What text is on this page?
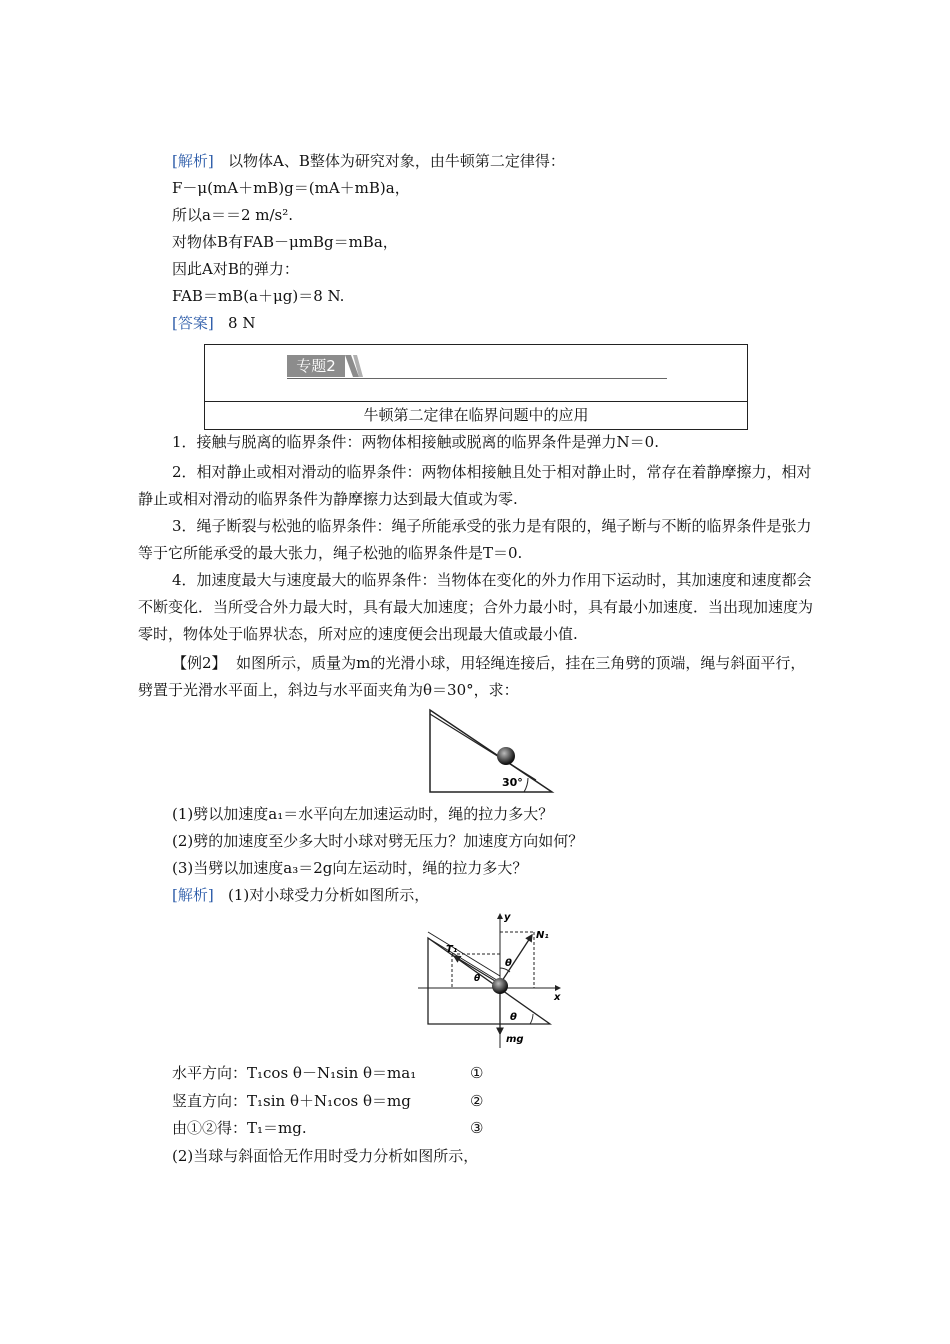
[解析] 以物体A、B整体为研究对象，由牛顿第二定律得：
F－μ(mA＋mB)g＝(mA＋mB)a，
所以a＝＝2 m/s².
对物体B有FAB－μmBg＝mBa，
因此A对B的弹力：
FAB＝mB(a＋μg)＝8 N.
[答案] 8 N
专题2
牛顿第二定律在临界问题中的应用
1．接触与脱离的临界条件：两物体相接触或脱离的临界条件是弹力N＝0.
2．相对静止或相对滑动的临界条件：两物体相接触且处于相对静止时，常存在着静摩擦力，相对静止或相对滑动的临界条件为静摩擦力达到最大值或为零.
3．绳子断裂与松弛的临界条件：绳子所能承受的张力是有限的，绳子断与不断的临界条件是张力等于它所能承受的最大张力，绳子松弛的临界条件是T＝0.
4．加速度最大与速度最大的临界条件：当物体在变化的外力作用下运动时，其加速度和速度都会不断变化．当所受合外力最大时，具有最大加速度；合外力最小时，具有最小加速度．当出现加速度为零时，物体处于临界状态，所对应的速度便会出现最大值或最小值.
【例2】 如图所示，质量为m的光滑小球，用轻绳连接后，挂在三角劈的顶端，绳与斜面平行，劈置于光滑水平面上，斜边与水平面夹角为θ＝30°，求：
30°
(1)劈以加速度a₁＝水平向左加速运动时，绳的拉力多大？
(2)劈的加速度至少多大时小球对劈无压力？加速度方向如何？
(3)当劈以加速度a₃＝2g向左运动时，绳的拉力多大？
[解析] (1)对小球受力分析如图所示，
x
y
N₁
T₁
θ
θ
θ
mg
水平方向：T₁cos θ－N₁sin θ＝ma₁	①
竖直方向：T₁sin θ＋N₁cos θ＝mg	②
由①②得：T₁＝mg.	③
(2)当球与斜面恰无作用时受力分析如图所示，
